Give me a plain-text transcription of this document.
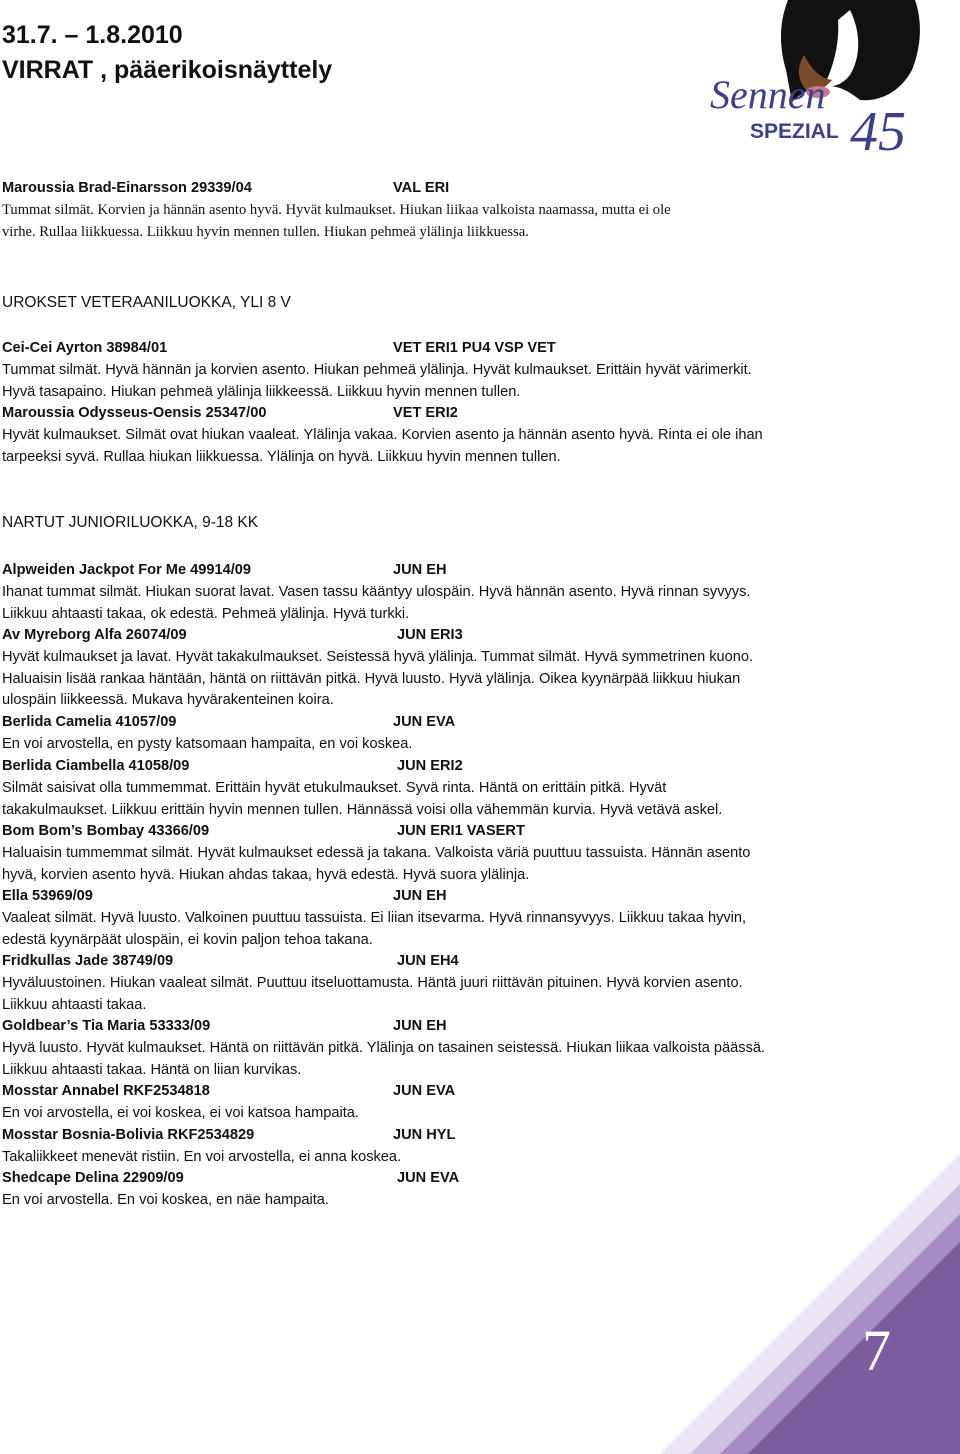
31.7. – 1.8.2010
VIRRAT , pääerikoisnäyttely
Sennen
SPEZIAL 45
Maroussia Brad-Einarsson 29339/04	VAL ERI
Tummat silmät. Korvien ja hännän asento hyvä. Hyvät kulmaukset. Hiukan liikaa valkoista naamassa, mutta ei ole
virhe. Rullaa liikkuessa. Liikkuu hyvin mennen tullen. Hiukan pehmeä ylälinja liikkuessa.
UROKSET VETERAANILUOKKA, YLI 8 V
Cei-Cei Ayrton 38984/01	VET ERI1 PU4 VSP VET
Tummat silmät. Hyvä hännän ja korvien asento. Hiukan pehmeä ylälinja. Hyvät kulmaukset. Erittäin hyvät värimerkit.
Hyvä tasapaino. Hiukan pehmeä ylälinja liikkeessä. Liikkuu hyvin mennen tullen.
Maroussia Odysseus-Oensis 25347/00	VET ERI2
Hyvät kulmaukset. Silmät ovat hiukan vaaleat. Ylälinja vakaa. Korvien asento ja hännän asento hyvä. Rinta ei ole ihan
tarpeeksi syvä. Rullaa hiukan liikkuessa. Ylälinja on hyvä. Liikkuu hyvin mennen tullen.
NARTUT JUNIORILUOKKA, 9-18 KK
Alpweiden Jackpot For Me 49914/09	JUN EH
Ihanat tummat silmät. Hiukan suorat lavat. Vasen tassu kääntyy ulospäin. Hyvä hännän asento. Hyvä rinnan syvyys.
Liikkuu ahtaasti takaa, ok edestä. Pehmeä ylälinja. Hyvä turkki.
Av Myreborg Alfa 26074/09	JUN ERI3
Hyvät kulmaukset ja lavat. Hyvät takakulmaukset. Seistessä hyvä ylälinja. Tummat silmät. Hyvä symmetrinen kuono.
Haluaisin lisää rankaa häntään, häntä on riittävän pitkä. Hyvä luusto. Hyvä ylälinja. Oikea kyynärpää liikkuu hiukan
ulospäin liikkeessä. Mukava hyvärakenteinen koira.
Berlida Camelia 41057/09	JUN EVA
En voi arvostella, en pysty katsomaan hampaita, en voi koskea.
Berlida Ciambella 41058/09	JUN ERI2
Silmät saisivat olla tummemmat. Erittäin hyvät etukulmaukset. Syvä rinta. Häntä on erittäin pitkä. Hyvät
takakulmaukset. Liikkuu erittäin hyvin mennen tullen. Hännässä voisi olla vähemmän kurvia. Hyvä vetävä askel.
Bom Bom’s Bombay 43366/09	JUN ERI1 VASERT
Haluaisin tummemmat silmät. Hyvät kulmaukset edessä ja takana. Valkoista väriä puuttuu tassuista. Hännän asento
hyvä, korvien asento hyvä. Hiukan ahdas takaa, hyvä edestä. Hyvä suora ylälinja.
Ella 53969/09	JUN EH
Vaaleat silmät. Hyvä luusto. Valkoinen puuttuu tassuista. Ei liian itsevarma. Hyvä rinnansyvyys. Liikkuu takaa hyvin,
edestä kyynärpäät ulospäin, ei kovin paljon tehoa takana.
Fridkullas Jade 38749/09	JUN EH4
Hyväluustoinen. Hiukan vaaleat silmät. Puuttuu itseluottamusta. Häntä juuri riittävän pituinen. Hyvä korvien asento.
Liikkuu ahtaasti takaa.
Goldbear’s Tia Maria 53333/09	JUN EH
Hyvä luusto. Hyvät kulmaukset. Häntä on riittävän pitkä. Ylälinja on tasainen seistessä. Hiukan liikaa valkoista päässä.
Liikkuu ahtaasti takaa. Häntä on liian kurvikas.
Mosstar Annabel RKF2534818	JUN EVA
En voi arvostella, ei voi koskea, ei voi katsoa hampaita.
Mosstar Bosnia-Bolivia RKF2534829	JUN HYL
Takaliikkeet menevät ristiin. En voi arvostella, ei anna koskea.
Shedcape Delina 22909/09	JUN EVA
En voi arvostella. En voi koskea, en näe hampaita.
7
